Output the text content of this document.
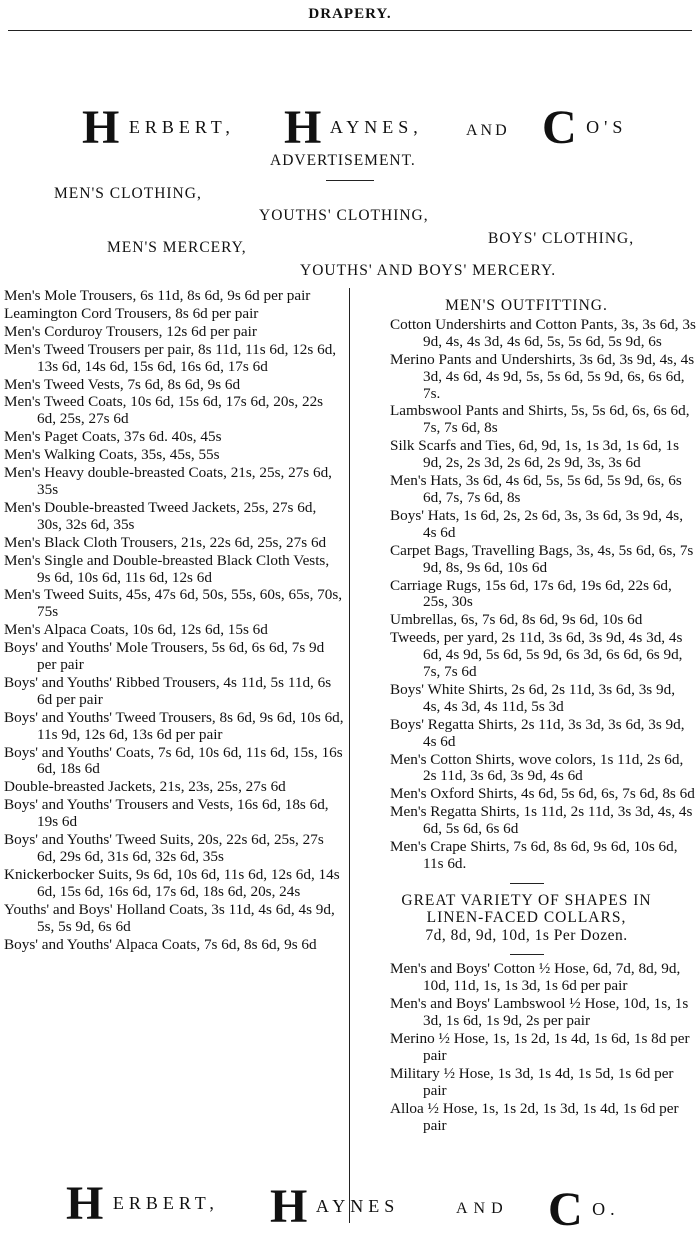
DRAPERY.
H ERBERT, H AYNES,	AND C O'S
ADVERTISEMENT.
MEN'S CLOTHING,
YOUTHS' CLOTHING,
BOYS' CLOTHING,
MEN'S MERCERY,
YOUTHS' AND BOYS' MERCERY.
Men's Mole Trousers, 6s 11d, 8s 6d, 9s 6d per pair
Leamington Cord Trousers, 8s 6d per pair
Men's Corduroy Trousers, 12s 6d per pair
Men's Tweed Trousers per pair, 8s 11d, 11s 6d, 12s 6d, 13s 6d, 14s 6d, 15s 6d, 16s 6d, 17s 6d
Men's Tweed Vests, 7s 6d, 8s 6d, 9s 6d
Men's Tweed Coats, 10s 6d, 15s 6d, 17s 6d, 20s, 22s 6d, 25s, 27s 6d
Men's Paget Coats, 37s 6d. 40s, 45s
Men's Walking Coats, 35s, 45s, 55s
Men's Heavy double-breasted Coats, 21s, 25s, 27s 6d, 35s
Men's Double-breasted Tweed Jackets, 25s, 27s 6d, 30s, 32s 6d, 35s
Men's Black Cloth Trousers, 21s, 22s 6d, 25s, 27s 6d
Men's Single and Double-breasted Black Cloth Vests, 9s 6d, 10s 6d, 11s 6d, 12s 6d
Men's Tweed Suits, 45s, 47s 6d, 50s, 55s, 60s, 65s, 70s, 75s
Men's Alpaca Coats, 10s 6d, 12s 6d, 15s 6d
Boys' and Youths' Mole Trousers, 5s 6d, 6s 6d, 7s 9d per pair
Boys' and Youths' Ribbed Trousers, 4s 11d, 5s 11d, 6s 6d per pair
Boys' and Youths' Tweed Trousers, 8s 6d, 9s 6d, 10s 6d, 11s 9d, 12s 6d, 13s 6d per pair
Boys' and Youths' Coats, 7s 6d, 10s 6d, 11s 6d, 15s, 16s 6d, 18s 6d
Double-breasted Jackets, 21s, 23s, 25s, 27s 6d
Boys' and Youths' Trousers and Vests, 16s 6d, 18s 6d, 19s 6d
Boys' and Youths' Tweed Suits, 20s, 22s 6d, 25s, 27s 6d, 29s 6d, 31s 6d, 32s 6d, 35s
Knickerbocker Suits, 9s 6d, 10s 6d, 11s 6d, 12s 6d, 14s 6d, 15s 6d, 16s 6d, 17s 6d, 18s 6d, 20s, 24s
Youths' and Boys' Holland Coats, 3s 11d, 4s 6d, 4s 9d, 5s, 5s 9d, 6s 6d
Boys' and Youths' Alpaca Coats, 7s 6d, 8s 6d, 9s 6d
MEN'S OUTFITTING.
Cotton Undershirts and Cotton Pants, 3s, 3s 6d, 3s 9d, 4s, 4s 3d, 4s 6d, 5s, 5s 6d, 5s 9d, 6s
Merino Pants and Undershirts, 3s 6d, 3s 9d, 4s, 4s 3d, 4s 6d, 4s 9d, 5s, 5s 6d, 5s 9d, 6s, 6s 6d, 7s.
Lambswool Pants and Shirts, 5s, 5s 6d, 6s, 6s 6d, 7s, 7s 6d, 8s
Silk Scarfs and Ties, 6d, 9d, 1s, 1s 3d, 1s 6d, 1s 9d, 2s, 2s 3d, 2s 6d, 2s 9d, 3s, 3s 6d
Men's Hats, 3s 6d, 4s 6d, 5s, 5s 6d, 5s 9d, 6s, 6s 6d, 7s, 7s 6d, 8s
Boys' Hats, 1s 6d, 2s, 2s 6d, 3s, 3s 6d, 3s 9d, 4s, 4s 6d
Carpet Bags, Travelling Bags, 3s, 4s, 5s 6d, 6s, 7s 9d, 8s, 9s 6d, 10s 6d
Carriage Rugs, 15s 6d, 17s 6d, 19s 6d, 22s 6d, 25s, 30s
Umbrellas, 6s, 7s 6d, 8s 6d, 9s 6d, 10s 6d
Tweeds, per yard, 2s 11d, 3s 6d, 3s 9d, 4s 3d, 4s 6d, 4s 9d, 5s 6d, 5s 9d, 6s 3d, 6s 6d, 6s 9d, 7s, 7s 6d
Boys' White Shirts, 2s 6d, 2s 11d, 3s 6d, 3s 9d, 4s, 4s 3d, 4s 11d, 5s 3d
Boys' Regatta Shirts, 2s 11d, 3s 3d, 3s 6d, 3s 9d, 4s 6d
Men's Cotton Shirts, wove colors, 1s 11d, 2s 6d, 2s 11d, 3s 6d, 3s 9d, 4s 6d
Men's Oxford Shirts, 4s 6d, 5s 6d, 6s, 7s 6d, 8s 6d
Men's Regatta Shirts, 1s 11d, 2s 11d, 3s 3d, 4s, 4s 6d, 5s 6d, 6s 6d
Men's Crape Shirts, 7s 6d, 8s 6d, 9s 6d, 10s 6d, 11s 6d.
GREAT VARIETY OF SHAPES IN
LINEN-FACED COLLARS,
7d, 8d, 9d, 10d, 1s Per Dozen.
Men's and Boys' Cotton ½ Hose, 6d, 7d, 8d, 9d, 10d, 11d, 1s, 1s 3d, 1s 6d per pair
Men's and Boys' Lambswool ½ Hose, 10d, 1s, 1s 3d, 1s 6d, 1s 9d, 2s per pair
Merino ½ Hose, 1s, 1s 2d, 1s 4d, 1s 6d, 1s 8d per pair
Military ½ Hose, 1s 3d, 1s 4d, 1s 5d, 1s 6d per pair
Alloa ½ Hose, 1s, 1s 2d, 1s 3d, 1s 4d, 1s 6d per pair
H ERBERT, H AYNES	AND C O.
